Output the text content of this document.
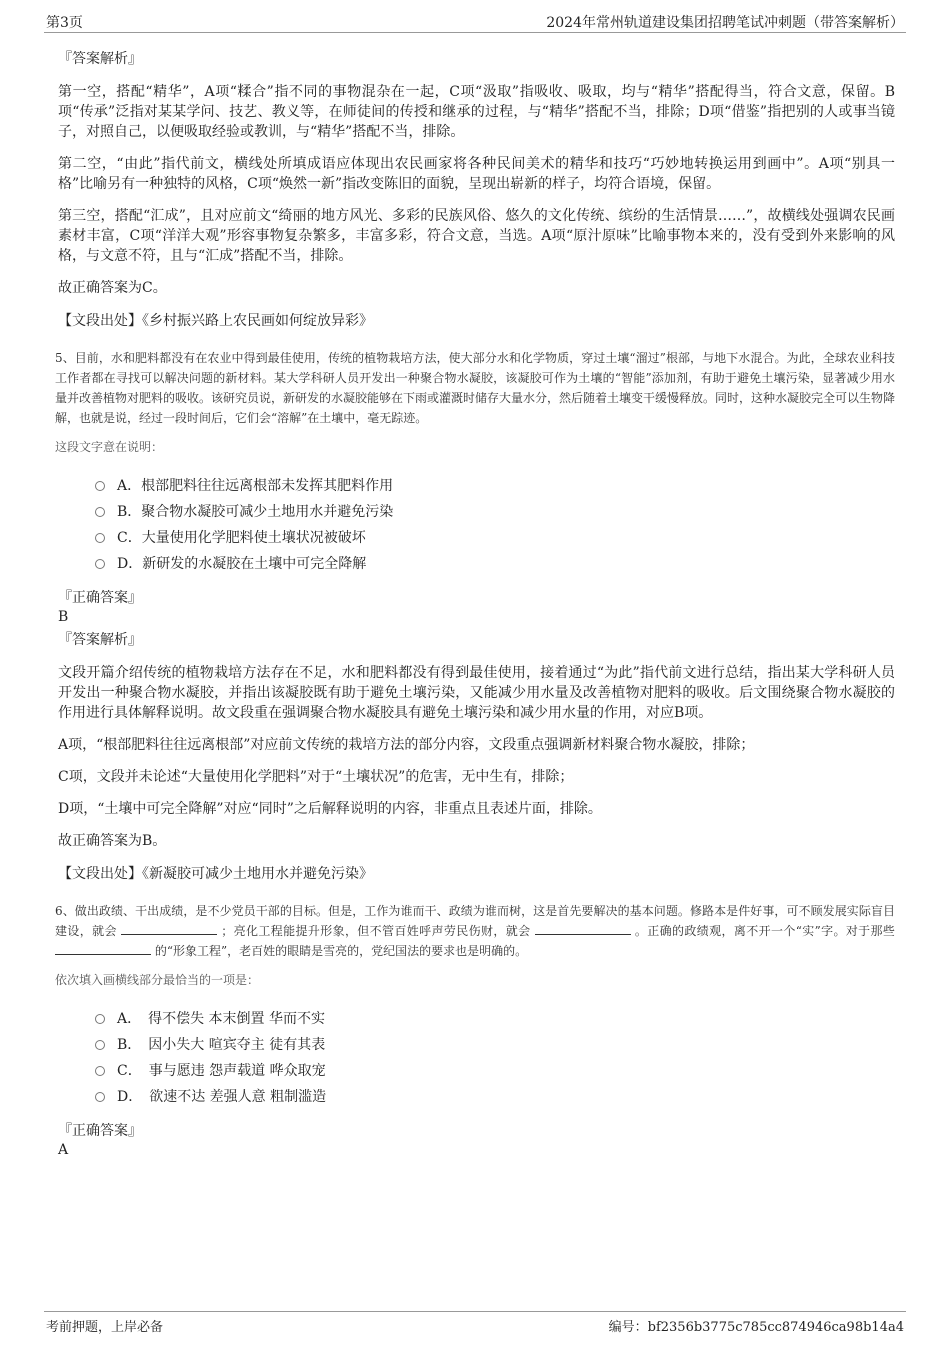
第3页	2024年常州轨道建设集团招聘笔试冲刺题（带答案解析）
『答案解析』
第一空，搭配“精华”，A项“糅合”指不同的事物混杂在一起，C项“汲取”指吸收、吸取，均与“精华”搭配得当，符合文意，保留。B项“传承”泛指对某某学问、技艺、教义等，在师徒间的传授和继承的过程，与“精华”搭配不当，排除；D项“借鉴”指把别的人或事当镜子，对照自己，以便吸取经验或教训，与“精华”搭配不当，排除。
第二空，“由此”指代前文，横线处所填成语应体现出农民画家将各种民间美术的精华和技巧“巧妙地转换运用到画中”。A项“别具一格”比喻另有一种独特的风格，C项“焕然一新”指改变陈旧的面貌，呈现出崭新的样子，均符合语境，保留。
第三空，搭配“汇成”，且对应前文“绮丽的地方风光、多彩的民族风俗、悠久的文化传统、缤纷的生活情景……”，故横线处强调农民画素材丰富，C项“洋洋大观”形容事物复杂繁多，丰富多彩，符合文意，当选。A项“原汁原味”比喻事物本来的，没有受到外来影响的风格，与文意不符，且与“汇成”搭配不当，排除。
故正确答案为C。
【文段出处】《乡村振兴路上农民画如何绽放异彩》
5、目前，水和肥料都没有在农业中得到最佳使用，传统的植物栽培方法，使大部分水和化学物质，穿过土壤“溜过”根部，与地下水混合。为此，全球农业科技工作者都在寻找可以解决问题的新材料。某大学科研人员开发出一种聚合物水凝胶，该凝胶可作为土壤的“智能”添加剂，有助于避免土壤污染，显著减少用水量并改善植物对肥料的吸收。该研究员说，新研发的水凝胶能够在下雨或灌溉时储存大量水分，然后随着土壤变干缓慢释放。同时，这种水凝胶完全可以生物降解，也就是说，经过一段时间后，它们会“溶解”在土壤中，毫无踪迹。
这段文字意在说明：
A．根部肥料往往远离根部未发挥其肥料作用
B．聚合物水凝胶可减少土地用水并避免污染
C．大量使用化学肥料使土壤状况被破坏
D．新研发的水凝胶在土壤中可完全降解
『正确答案』
B
『答案解析』
文段开篇介绍传统的植物栽培方法存在不足，水和肥料都没有得到最佳使用，接着通过“为此”指代前文进行总结，指出某大学科研人员开发出一种聚合物水凝胶，并指出该凝胶既有助于避免土壤污染，又能减少用水量及改善植物对肥料的吸收。后文围绕聚合物水凝胶的作用进行具体解释说明。故文段重在强调聚合物水凝胶具有避免土壤污染和减少用水量的作用，对应B项。
A项，“根部肥料往往远离根部”对应前文传统的栽培方法的部分内容，文段重点强调新材料聚合物水凝胶，排除；
C项，文段并未论述“大量使用化学肥料”对于“土壤状况”的危害，无中生有，排除；
D项，“土壤中可完全降解”对应“同时”之后解释说明的内容，非重点且表述片面，排除。
故正确答案为B。
【文段出处】《新凝胶可减少土地用水并避免污染》
6、做出政绩、干出成绩，是不少党员干部的目标。但是，工作为谁而干、政绩为谁而树，这是首先要解决的基本问题。修路本是件好事，可不顾发展实际盲目建设，就会	；亮化工程能提升形象，但不管百姓呼声劳民伤财，就会	。正确的政绩观，离不开一个“实”字。对于那些  的“形象工程”，老百姓的眼睛是雪亮的，党纪国法的要求也是明确的。
依次填入画横线部分最恰当的一项是：
A．　得不偿失 本末倒置 华而不实
B．　因小失大 喧宾夺主 徒有其表
C．　事与愿违 怨声载道 哗众取宠
D．　欲速不达 差强人意 粗制滥造
『正确答案』
A
考前押题，上岸必备	编号：bf2356b3775c785cc874946ca98b14a4
